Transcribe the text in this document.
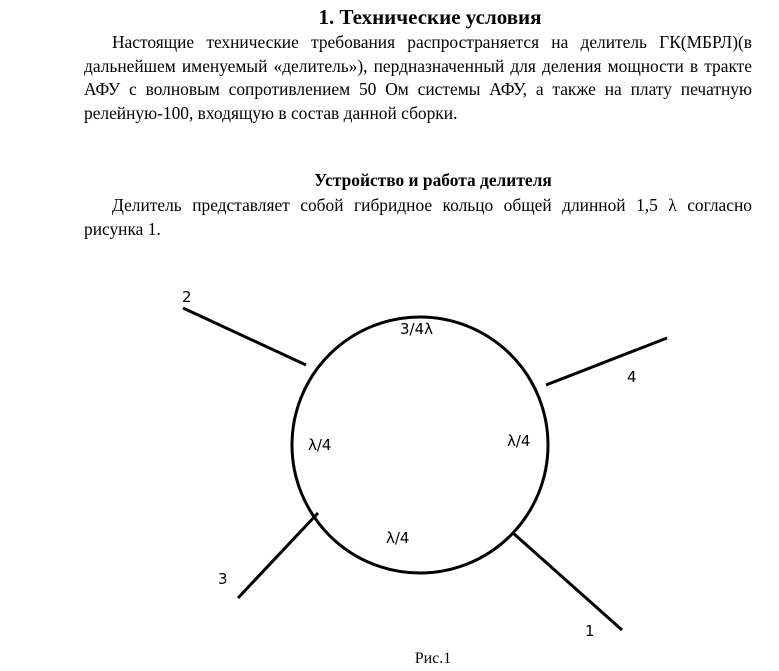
1. Технические условия

Настоящие технические требования распространяется на делитель ГК(МБРЛ)(в дальнейшем именуемый «делитель»), пердназначенный для деления мощности в тракте АФУ с волновым сопротивлением 50 Ом системы АФУ, а также на плату печатную релейную-100, входящую в состав данной сборки.

Устройство и работа делителя

Делитель представляет собой гибридное кольцо общей длинной 1,5 λ согласно рисунка 1.

2
4
3
1
3/4λ
λ/4	λ/4
λ/4
Рис.1
